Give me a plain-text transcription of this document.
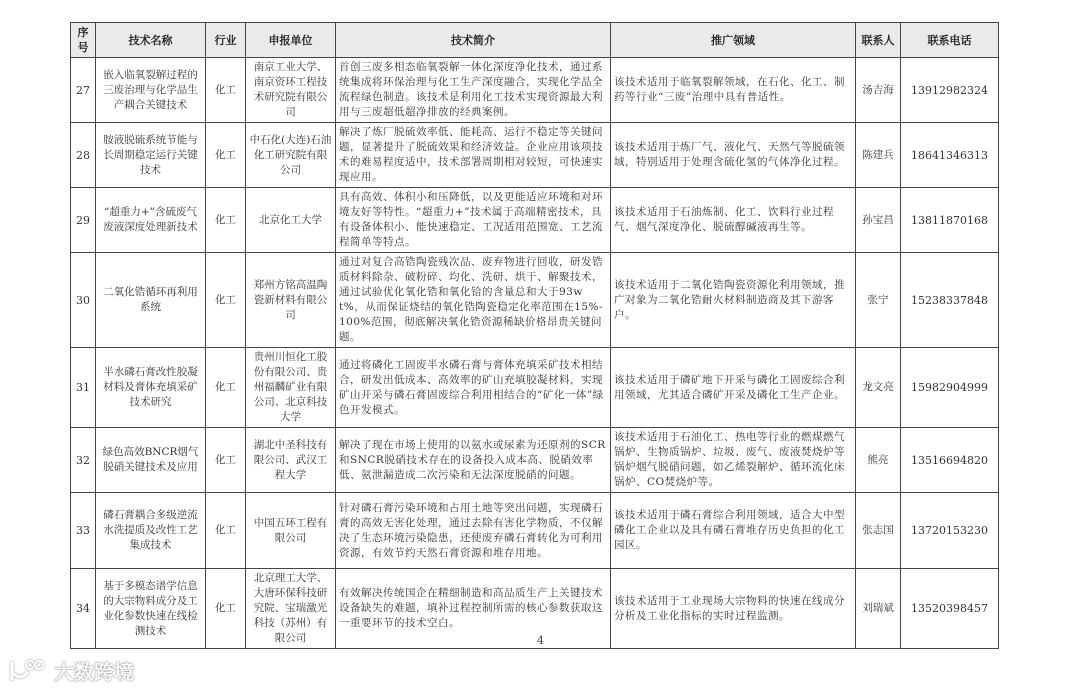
序号	技术名称	行业	申报单位	技术简介	推广领域	联系人	联系电话
27	嵌入临氧裂解过程的三废治理与化学品生产耦合关键技术	化工	南京工业大学、南京资环工程技术研究院有限公司	首创三废多相态临氧裂解一体化深度净化技术，通过系统集成将环保治理与化工生产深度融合，实现化学品全流程绿色制造。该技术是利用化工技术实现资源最大利用与三废超低超净排放的经典案例。	该技术适用于临氧裂解领域，在石化、化工、制药等行业“三废”治理中具有普适性。	汤吉海	13912982324
28	胺液脱硫系统节能与长周期稳定运行关键技术	化工	中石化(大连)石油化工研究院有限公司	解决了炼厂脱硫效率低、能耗高、运行不稳定等关键问题，显著提升了脱硫效果和经济效益。企业应用该项技术的难易程度适中，技术部署周期相对较短，可快速实现应用。	该技术适用于炼厂气、液化气、天然气等脱硫领域，特别适用于处理含硫化氢的气体净化过程。	陈建兵	18641346313
29	“超重力+”含硫废气废液深度处理新技术	化工	北京化工大学	具有高效、体积小和压降低，以及更能适应环境和对环境友好等特性。“超重力+”技术属于高端精密技术，具有设备体积小、能快速稳定、工况适用范围宽、工艺流程简单等特点。	该技术适用于石油炼制、化工、饮料行业过程气、烟气深度净化、脱硫醇碱液再生等。	孙宝昌	13811870168
30	二氧化锆循环再利用系统	化工	郑州方铭高温陶瓷新材料有限公司	通过对复合高锆陶瓷残次品、废弃物进行回收，研发锆质材料除杂、破粉碎、均化、洗研、烘干、解聚技术，通过试验优化氧化锆和氧化铪的含量总和大于93wt%，从而保证烧结的氧化锆陶瓷稳定化率范围在15%-100%范围，彻底解决氧化锆资源稀缺价格昂贵关键问题。	该技术适用于二氧化锆陶瓷资源化利用领域，推广对象为二氧化锆耐火材料制造商及其下游客户。	张宁	15238337848
31	半水磷石膏改性胶凝材料及膏体充填采矿技术研究	化工	贵州川恒化工股份有限公司、贵州福麟矿业有限公司、北京科技大学	通过将磷化工固废半水磷石膏与膏体充填采矿技术相结合，研发出低成本、高效率的矿山充填胶凝材料，实现矿山开采与磷石膏固废综合利用相结合的“矿化一体”绿色开发模式。	该技术适用于磷矿地下开采与磷化工固废综合利用领域，尤其适合磷矿开采及磷化工生产企业。	龙文亮	15982904999
32	绿色高效BNCR烟气脱硝关键技术及应用	化工	湖北中圣科技有限公司、武汉工程大学	解决了现在市场上使用的以氨水或尿素为还原剂的SCR和SNCR脱硝技术存在的设备投入成本高、脱硝效率低、氨泄漏造成二次污染和无法深度脱硝的问题。	该技术适用于石油化工、热电等行业的燃煤燃气锅炉、生物质锅炉、垃圾、废气、废液焚烧炉等锅炉烟气脱硝问题，如乙烯裂解炉、循环流化床锅炉、CO焚烧炉等。	熊亮	13516694820
33	磷石膏耦合多级逆流水洗提质及改性工艺集成技术	化工	中国五环工程有限公司	针对磷石膏污染环境和占用土地等突出问题，实现磷石膏的高效无害化处理，通过去除有害化学物质，不仅解决了生态环境污染隐患，还使废弃磷石膏转化为可利用资源，有效节约天然石膏资源和堆存用地。	该技术适用于磷石膏综合利用领域，适合大中型磷化工企业以及具有磷石膏堆存历史负担的化工园区。	张志国	13720153230
34	基于多模态谱学信息的大宗物料成分及工业化参数快速在线检测技术	化工	北京理工大学、大唐环保科技研究院、宝瑞激光科技（苏州）有限公司	有效解决传统国企在精细制造和高品质生产上关键技术设备缺失的难题，填补过程控制所需的核心参数获取这一重要环节的技术空白。	该技术适用于工业现场大宗物料的快速在线成分分析及工业化指标的实时过程监测。	刘瑞斌	13520398457
4
大数跨境
